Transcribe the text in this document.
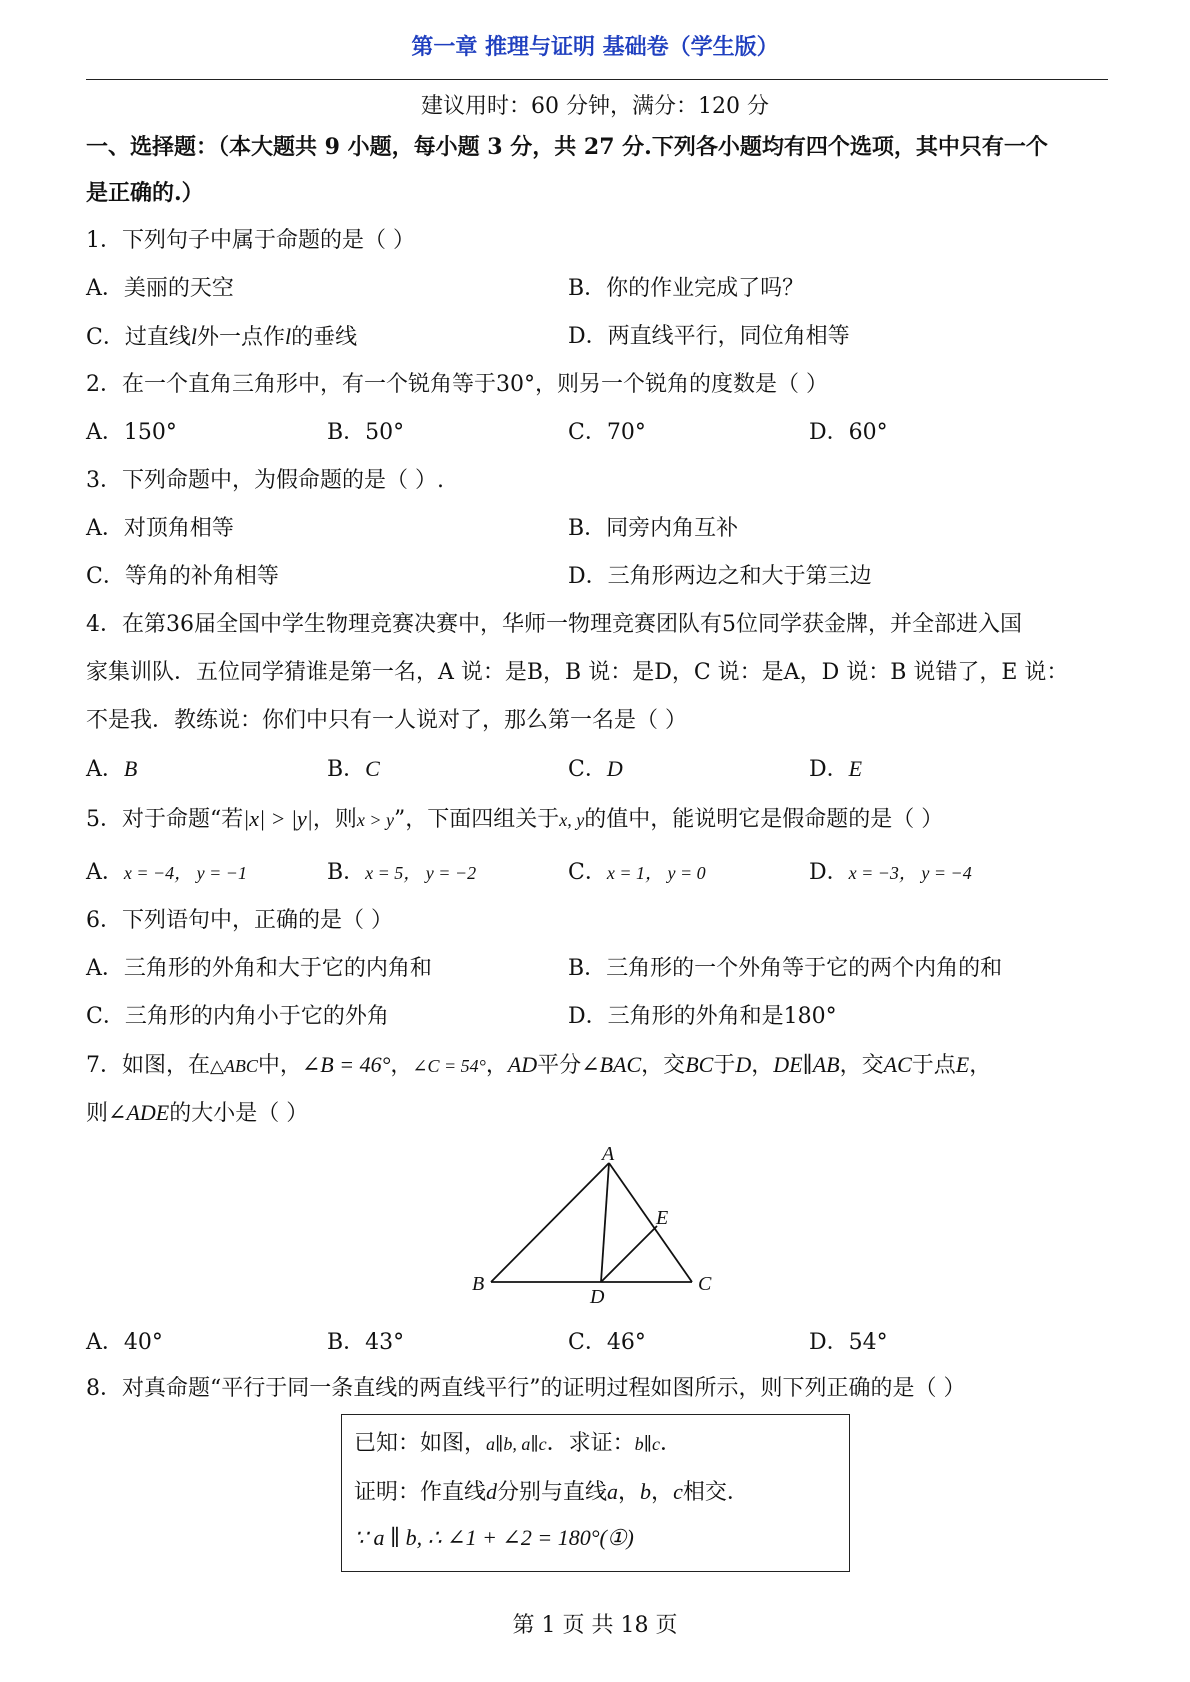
第一章 推理与证明 基础卷（学生版）
建议用时：60 分钟，满分：120 分
一、选择题：（本大题共 9 小题，每小题 3 分，共 27 分.下列各小题均有四个选项，其中只有一个
是正确的.）
1．下列句子中属于命题的是（ ）
A．美丽的天空	B．你的作业完成了吗？
C．过直线l外一点作l的垂线	D．两直线平行，同位角相等
2．在一个直角三角形中，有一个锐角等于30°，则另一个锐角的度数是（ ）
A．150°	B．50°	C．70°	D．60°
3．下列命题中，为假命题的是（ ）.
A．对顶角相等	B．同旁内角互补
C．等角的补角相等	D．三角形两边之和大于第三边
4．在第36届全国中学生物理竞赛决赛中，华师一物理竞赛团队有5位同学获金牌，并全部进入国
家集训队．五位同学猜谁是第一名，A 说：是B，B 说：是D，C 说：是A，D 说：B 说错了，E 说：
不是我．教练说：你们中只有一人说对了，那么第一名是（ ）
A．B	B．C	C．D	D．E
5．对于命题“若|x| > |y|，则x > y”，下面四组关于x, y的值中，能说明它是假命题的是（ ）
A．x = −4， y = −1	B．x = 5， y = −2	C．x = 1， y = 0	D．x = −3， y = −4
6．下列语句中，正确的是（ ）
A．三角形的外角和大于它的内角和	B．三角形的一个外角等于它的两个内角的和
C．三角形的内角小于它的外角	D．三角形的外角和是180°
7．如图，在△ABC中，∠B = 46°，∠C = 54°，AD平分∠BAC，交BC于D，DE∥AB，交AC于点E，
则∠ADE的大小是（ ）
A
B	C
D
E
A．40°	B．43°	C．46°	D．54°
8．对真命题“平行于同一条直线的两直线平行”的证明过程如图所示，则下列正确的是（ ）
已知：如图，a∥b, a∥c．求证：b∥c．
证明：作直线d分别与直线a，b，c相交．
∵ a ∥ b, ∴ ∠1 + ∠2 = 180°(①)
第 1 页 共 18 页
